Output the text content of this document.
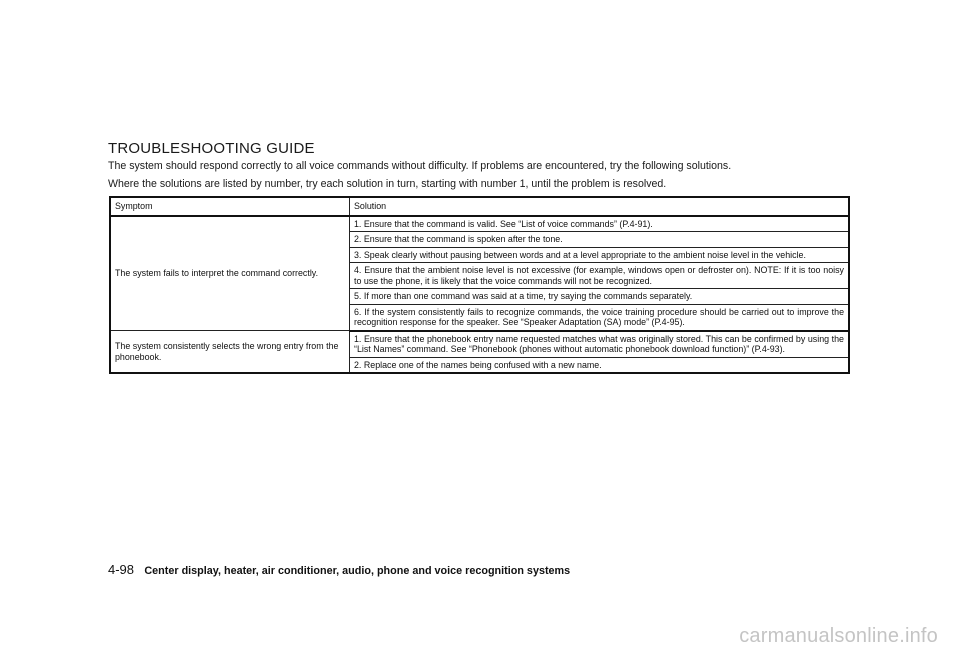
TROUBLESHOOTING GUIDE
The system should respond correctly to all voice commands without difficulty. If problems are encountered, try the following solutions.
Where the solutions are listed by number, try each solution in turn, starting with number 1, until the problem is resolved.
Symptom	Solution
The system fails to interpret the command correctly.	1. Ensure that the command is valid. See “List of voice commands” (P.4-91).
	2. Ensure that the command is spoken after the tone.
	3. Speak clearly without pausing between words and at a level appropriate to the ambient noise level in the vehicle.
	4. Ensure that the ambient noise level is not excessive (for example, windows open or defroster on). NOTE: If it is too noisy to use the phone, it is likely that the voice commands will not be recognized.
	5. If more than one command was said at a time, try saying the commands separately.
	6. If the system consistently fails to recognize commands, the voice training procedure should be carried out to improve the recognition response for the speaker. See “Speaker Adaptation (SA) mode” (P.4-95).
The system consistently selects the wrong entry from the phonebook.	1. Ensure that the phonebook entry name requested matches what was originally stored. This can be confirmed by using the “List Names” command. See “Phonebook (phones without automatic phonebook download function)” (P.4-93).
	2. Replace one of the names being confused with a new name.
4-98 Center display, heater, air conditioner, audio, phone and voice recognition systems
carmanualsonline.info
